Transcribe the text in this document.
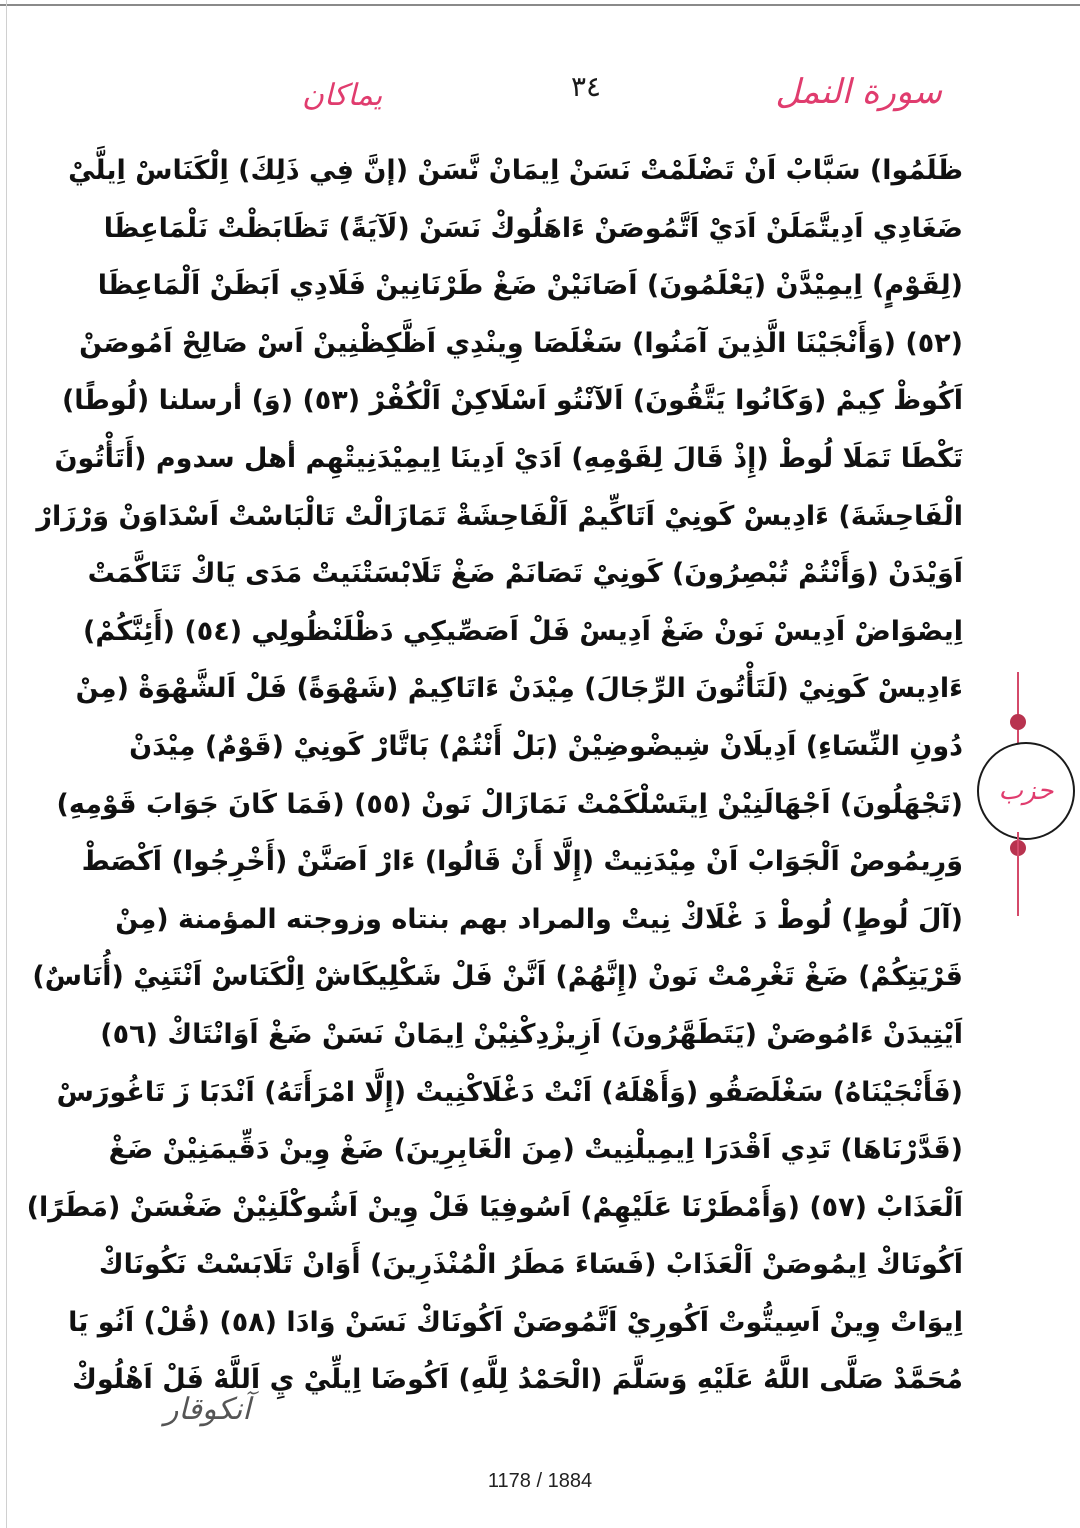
سورة النمل
٣٤
يماكان
ظَلَمُوا) سَبَّابْ اَنْ تَضْلَمْتْ نَسَنْ اِيمَانْ نَّسَنْ (إنَّ فِي ذَلِكَ) اِلْكَنَاسْ اِيلَّيْ
ضَغَادِي اَدِيتَّمَلَنْ اَدَيْ اَتَّمُوصَنْ ءَاهَلُوكْ نَسَنْ (لَآيَةً) تَظَابَظْتْ نَلْمَاعِظَا
(لِقَوْمٍ) اِيمِيْدَّنْ (يَعْلَمُونَ) اَصَانَيْنْ ضَغْ طَرْنَانِينْ فَلَادِي اَبَظَنْ اَلْمَاعِظَا
(٥٢) (وَأَنْجَيْنَا الَّذِينَ آمَنُوا) سَغْلَصَا وِينْدِي اَظَّكِظْنِينْ اَسْ صَالِحْ اَمُوصَنْ
اَكُوظْ كِيمْ (وَكَانُوا يَتَّقُونَ) اَلآنْتُو اَسْلَاكِنْ اَلْكُفْرْ (٥٣) (وَ) أرسلنا (لُوطًا)
تَكْطَا تَمَلَا لُوطْ (إِذْ قَالَ لِقَوْمِهِ) اَدَيْ اَدِينَا اِيمِيْدَنِيتْهِم أهل سدوم (أَتَأْتُونَ
الْفَاحِشَةَ) ءَادِيسْ كَونِيْ اَتَاكِّيمْ اَلْفَاحِشَةْ تَمَازَالْتْ تَالْبَاسْتْ اَسْدَاوَنْ وَرْزَارْ
اَوَيْدَنْ (وَأَنْتُمْ تُبْصِرُونَ) كَونِيْ تَصَانَمْ ضَغْ تَلَابْسَتْنَيتْ مَدَى يَاكْ تَتَاكَّمَتْ
اِيصْوَاضْ اَدِيسْ نَونْ ضَغْ اَدِيسْ فَلْ اَصَصِّيكِي دَظْلَنْظُولِي (٥٤) (أَئِنَّكُمْ)
ءَادِيسْ كَونِيْ (لَتَأْتُونَ الرِّجَالَ) مِيْدَنْ ءَاتَاكِيمْ (شَهْوَةً) فَلْ اَلشَّهْوَةْ (مِنْ
دُونِ النِّسَاءِ) اَدِيلَانْ شِيضْوضِيْنْ (بَلْ أَنْتُمْ) بَاتَّارْ كَونِيْ (قَوْمٌ) مِيْدَنْ
(تَجْهَلُونَ) اَجْهَالَنِيْنْ اِيتَسْلْكَمْتْ نَمَازَالْ نَونْ (٥٥) (فَمَا كَانَ جَوَابَ قَوْمِهِ)
وَرِيمُوصْ اَلْجَوَابْ اَنْ مِيْدَنِيتْ (إِلَّا أَنْ قَالُوا) ءَارْ اَصَنَّنْ (أَخْرِجُوا) اَكْصَطْ
(آلَ لُوطٍ) لُوطْ دَ غْلَاكْ نِيتْ والمراد بهم بنتاه وزوجته المؤمنة (مِنْ
قَرْيَتِكُمْ) ضَغْ تَغْرِمْتْ نَونْ (إِنَّهُمْ) اَنَّنْ فَلْ شَكْلِيكَاشْ اِلْكَنَاسْ اَنْتَنِيْ (أُنَاسٌ)
اَيْتِيدَنْ ءَامُوصَنْ (يَتَطَهَّرُونَ) اَزِيزْدِكْنِيْنْ اِيمَانْ نَسَنْ ضَغْ اَوَانْتَاكْ (٥٦)
(فَأَنْجَيْنَاهُ) سَغْلَصَقُو (وَأَهْلَهُ) اَنْتْ دَغْلَاكْنِيتْ (إِلَّا امْرَأَتَهُ) اَنْدَبَا زَ تَاغُورَسْ
(قَدَّرْنَاهَا) تَدِي اَقْدَرَا اِيمِيلْنِيتْ (مِنَ الْغَابِرِينَ) ضَغْ وِينْ دَقِّيمَنِيْنْ ضَغْ
اَلْعَذَابْ (٥٧) (وَأَمْطَرْنَا عَلَيْهِمْ) اَسُوفِيَا فَلْ وِينْ اَشُوكْلَنِيْنْ ضَغْسَنْ (مَطَرًا)
اَكُونَاكْ اِيمُوصَنْ اَلْعَذَابْ (فَسَاءَ مَطَرُ الْمُنْذَرِينَ) أَوَانْ تَلَابَسْتْ نَكُونَاكْ
اِيوَاتْ وِينْ اَسِيتُّوتْ اَكُورِيْ اَتَّمُوصَنْ اَكُونَاكْ نَسَنْ وَادَا (٥٨) (قُلْ) اَنُو يَا
مُحَمَّدْ صَلَّى اللَّهُ عَلَيْهِ وَسَلَّمَ (الْحَمْدُ لِلَّهِ) اَكُوضَا اِيلِّيْ يِ اَللَّهْ فَلْ اَهْلُوكْ
حزب
آنكوقار
1178 / 1884
